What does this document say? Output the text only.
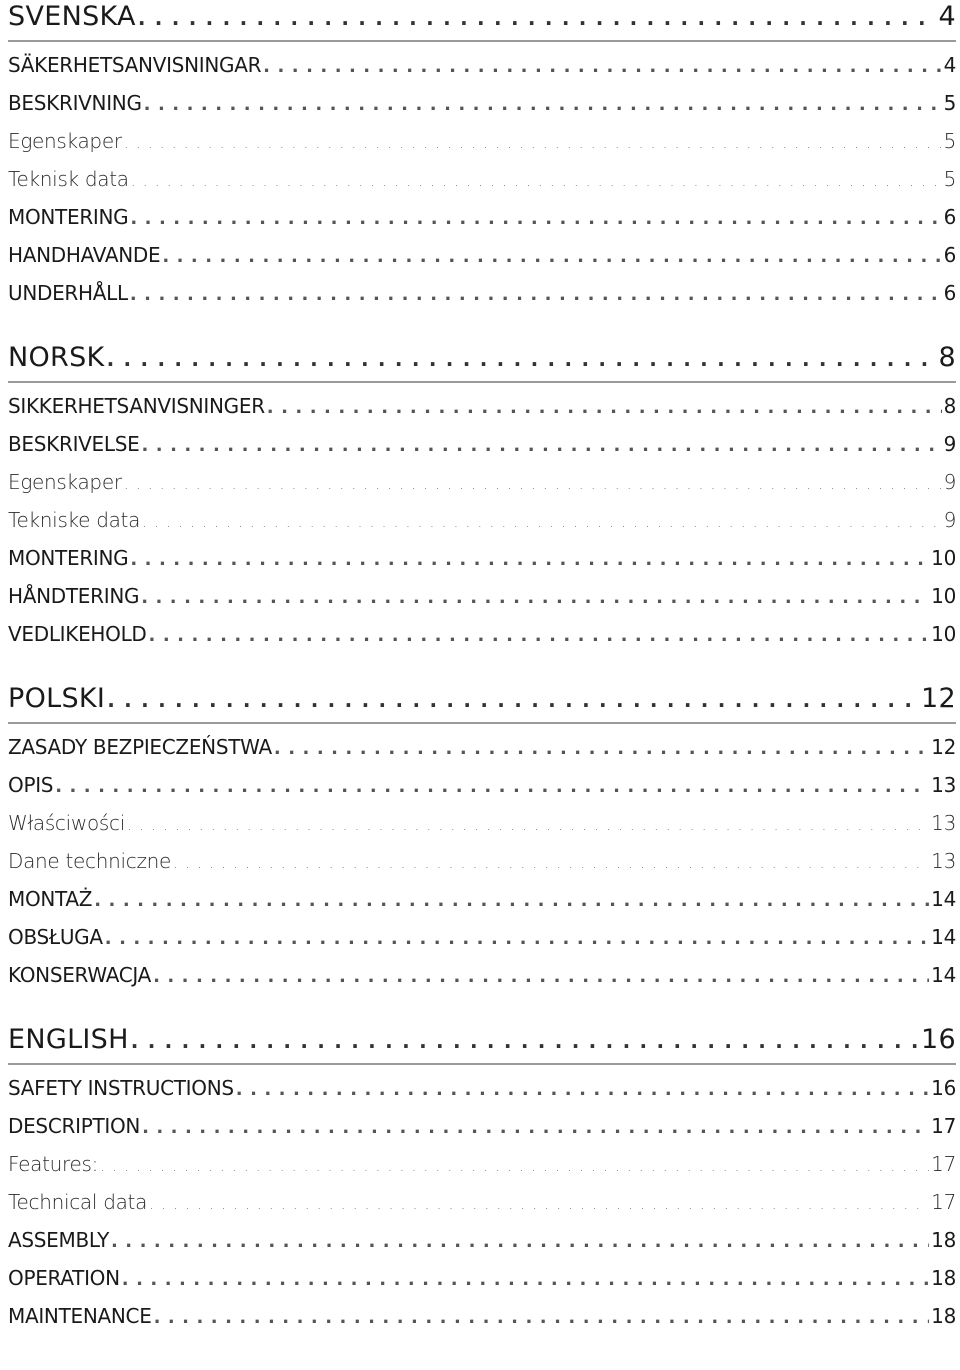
SVENSKA . . .	4
SÄKERHETSANVISNINGAR . . .	4
BESKRIVNING . . .	5
Egenskaper . . .	5
Teknisk data . . .	5
MONTERING . . .	6
HANDHAVANDE . . .	6
UNDERHÅLL . . .	6
NORSK . . .	8
SIKKERHETSANVISNINGER . . .	8
BESKRIVELSE . . .	9
Egenskaper . . .	9
Tekniske data . . .	9
MONTERING . . .	10
HÅNDTERING . . .	10
VEDLIKEHOLD . . .	10
POLSKI . . .	12
ZASADY BEZPIECZEŃSTWA . . .	12
OPIS . . .	13
Właściwości . . .	13
Dane techniczne . . .	13
MONTAŻ . . .	14
OBSŁUGA . . .	14
KONSERWACJA . . .	14
ENGLISH . . .	16
SAFETY INSTRUCTIONS . . .	16
DESCRIPTION . . .	17
Features: . . .	17
Technical data . . .	17
ASSEMBLY . . .	18
OPERATION . . .	18
MAINTENANCE . . .	18
